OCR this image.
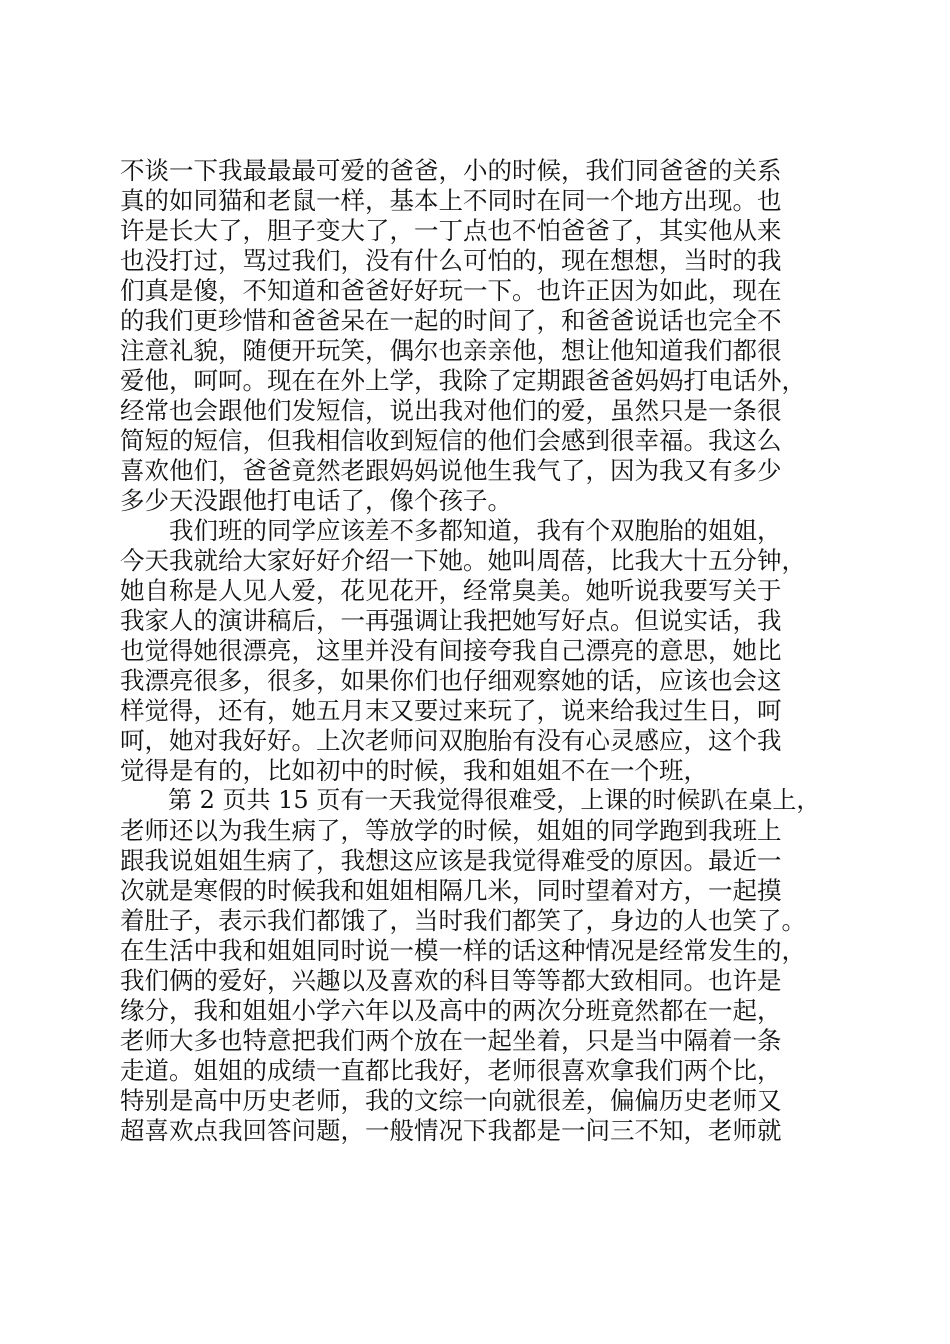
不谈一下我最最最可爱的爸爸，小的时候，我们同爸爸的关系
真的如同猫和老鼠一样，基本上不同时在同一个地方出现。也
许是长大了，胆子变大了，一丁点也不怕爸爸了，其实他从来
也没打过，骂过我们，没有什么可怕的，现在想想，当时的我
们真是傻，不知道和爸爸好好玩一下。也许正因为如此，现在
的我们更珍惜和爸爸呆在一起的时间了，和爸爸说话也完全不
注意礼貌，随便开玩笑，偶尔也亲亲他，想让他知道我们都很
爱他，呵呵。现在在外上学，我除了定期跟爸爸妈妈打电话外，
经常也会跟他们发短信，说出我对他们的爱，虽然只是一条很
简短的短信，但我相信收到短信的他们会感到很幸福。我这么
喜欢他们，爸爸竟然老跟妈妈说他生我气了，因为我又有多少
多少天没跟他打电话了，像个孩子。
　　我们班的同学应该差不多都知道，我有个双胞胎的姐姐，
今天我就给大家好好介绍一下她。她叫周蓓，比我大十五分钟，
她自称是人见人爱，花见花开，经常臭美。她听说我要写关于
我家人的演讲稿后，一再强调让我把她写好点。但说实话，我
也觉得她很漂亮，这里并没有间接夸我自己漂亮的意思，她比
我漂亮很多，很多，如果你们也仔细观察她的话，应该也会这
样觉得，还有，她五月末又要过来玩了，说来给我过生日，呵
呵，她对我好好。上次老师问双胞胎有没有心灵感应，这个我
觉得是有的，比如初中的时候，我和姐姐不在一个班，
　　第 2 页共 15 页有一天我觉得很难受，上课的时候趴在桌上，
老师还以为我生病了，等放学的时候，姐姐的同学跑到我班上
跟我说姐姐生病了，我想这应该是我觉得难受的原因。最近一
次就是寒假的时候我和姐姐相隔几米，同时望着对方，一起摸
着肚子，表示我们都饿了，当时我们都笑了，身边的人也笑了。
在生活中我和姐姐同时说一模一样的话这种情况是经常发生的，
我们俩的爱好，兴趣以及喜欢的科目等等都大致相同。也许是
缘分，我和姐姐小学六年以及高中的两次分班竟然都在一起，
老师大多也特意把我们两个放在一起坐着，只是当中隔着一条
走道。姐姐的成绩一直都比我好，老师很喜欢拿我们两个比，
特别是高中历史老师，我的文综一向就很差，偏偏历史老师又
超喜欢点我回答问题，一般情况下我都是一问三不知，老师就
